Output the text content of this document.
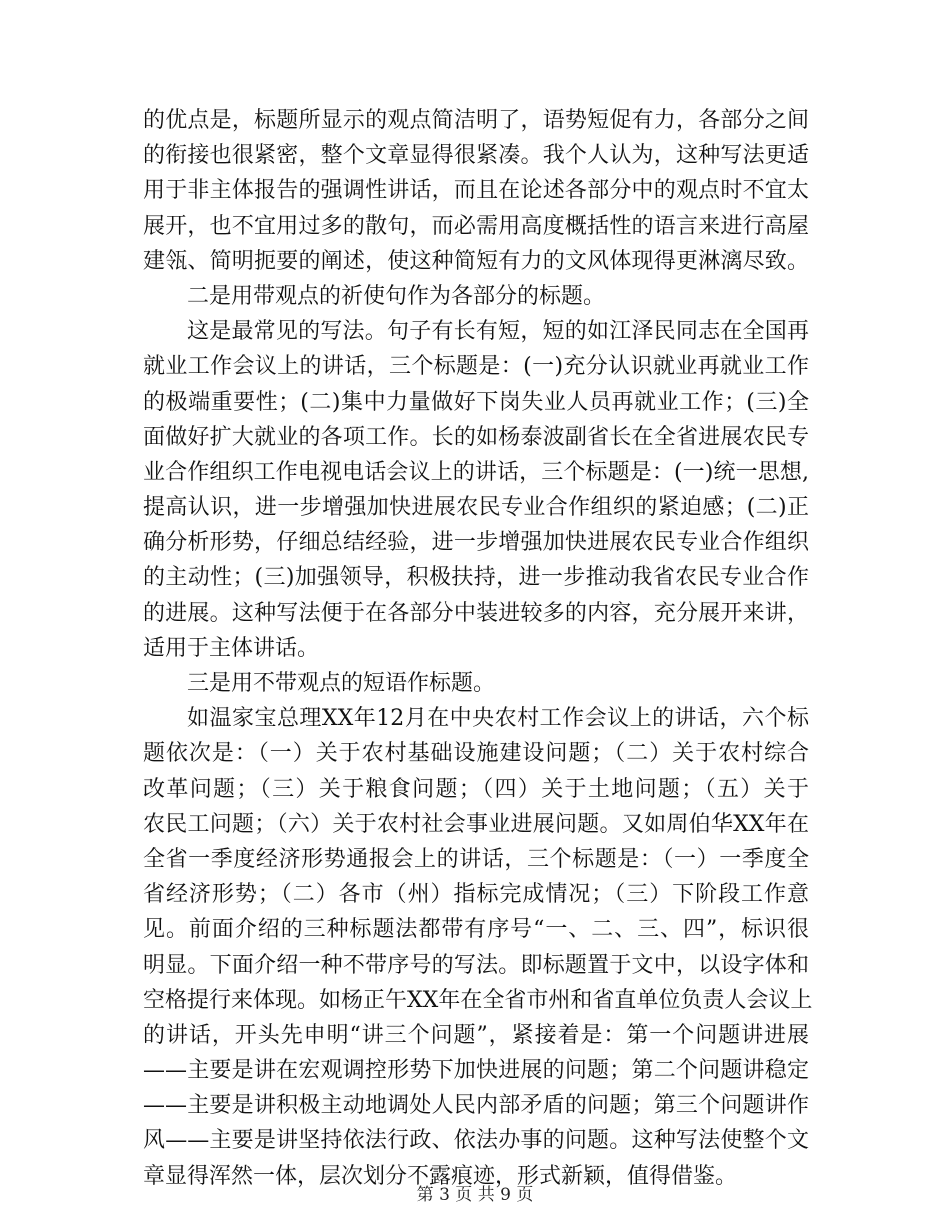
的优点是，标题所显示的观点简洁明了，语势短促有力，各部分之间
的衔接也很紧密，整个文章显得很紧凑。我个人认为，这种写法更适
用于非主体报告的强调性讲话，而且在论述各部分中的观点时不宜太
展开，也不宜用过多的散句，而必需用高度概括性的语言来进行高屋
建瓴、简明扼要的阐述，使这种简短有力的文风体现得更淋漓尽致。
二是用带观点的祈使句作为各部分的标题。
这是最常见的写法。句子有长有短，短的如江泽民同志在全国再
就业工作会议上的讲话，三个标题是：(一)充分认识就业再就业工作
的极端重要性；(二)集中力量做好下岗失业人员再就业工作；(三)全
面做好扩大就业的各项工作。长的如杨泰波副省长在全省进展农民专
业合作组织工作电视电话会议上的讲话，三个标题是：(一)统一思想,
提高认识，进一步增强加快进展农民专业合作组织的紧迫感；(二)正
确分析形势，仔细总结经验，进一步增强加快进展农民专业合作组织
的主动性；(三)加强领导，积极扶持，进一步推动我省农民专业合作
的进展。这种写法便于在各部分中装进较多的内容，充分展开来讲，
适用于主体讲话。
三是用不带观点的短语作标题。
如温家宝总理XX年12月在中央农村工作会议上的讲话，六个标
题依次是：（一）关于农村基础设施建设问题；（二）关于农村综合
改革问题；（三）关于粮食问题；（四）关于土地问题；（五）关于
农民工问题；（六）关于农村社会事业进展问题。又如周伯华XX年在
全省一季度经济形势通报会上的讲话，三个标题是：（一）一季度全
省经济形势；（二）各市（州）指标完成情况；（三）下阶段工作意
见。前面介绍的三种标题法都带有序号“一、二、三、四”，标识很
明显。下面介绍一种不带序号的写法。即标题置于文中，以设字体和
空格提行来体现。如杨正午XX年在全省市州和省直单位负责人会议上
的讲话，开头先申明“讲三个问题”，紧接着是：第一个问题讲进展
——主要是讲在宏观调控形势下加快进展的问题；第二个问题讲稳定
——主要是讲积极主动地调处人民内部矛盾的问题；第三个问题讲作
风——主要是讲坚持依法行政、依法办事的问题。这种写法使整个文
章显得浑然一体，层次划分不露痕迹，形式新颖，值得借鉴。
第 3 页 共 9 页
